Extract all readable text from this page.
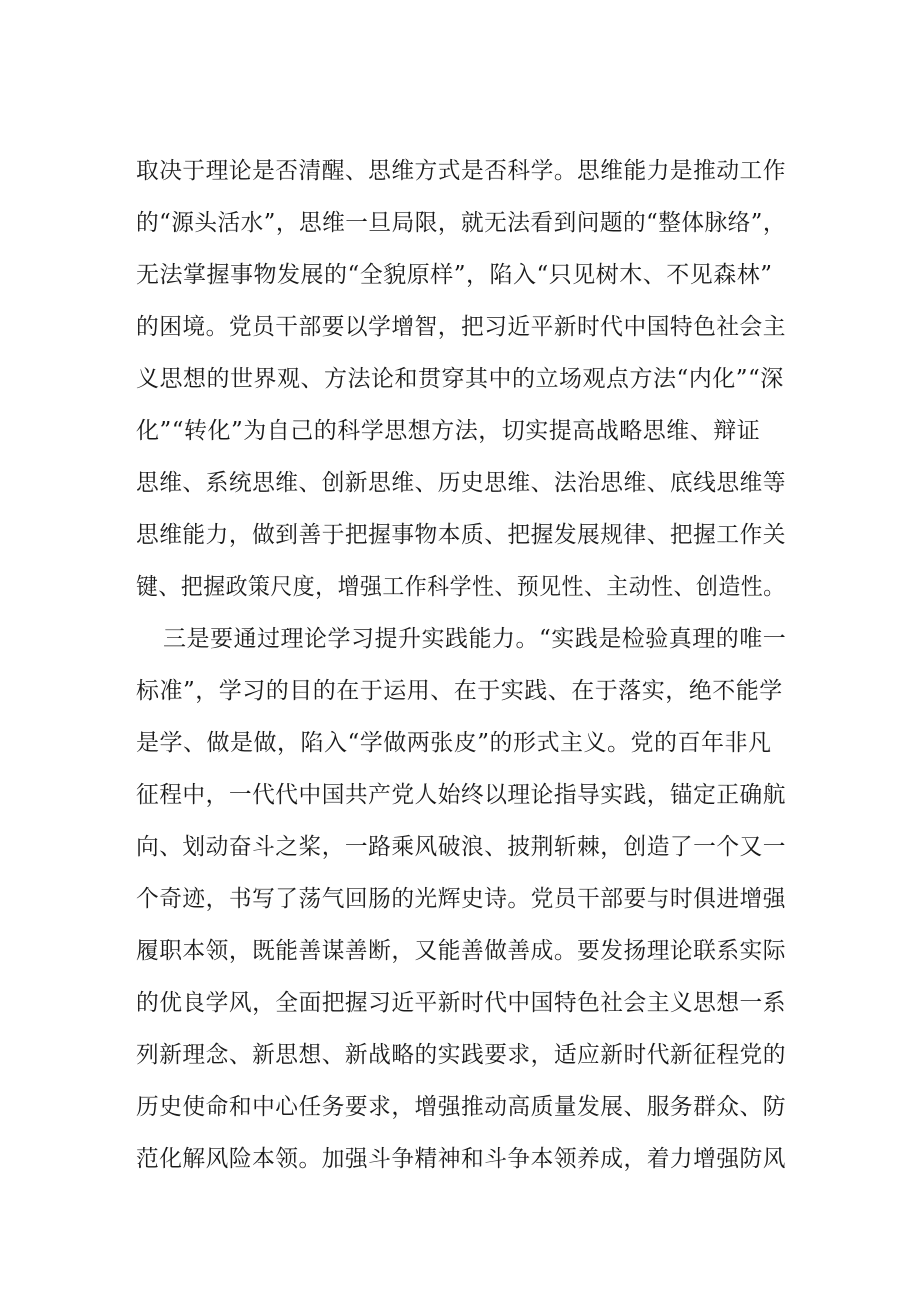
取决于理论是否清醒、思维方式是否科学。思维能力是推动工作
的“源头活水”，思维一旦局限，就无法看到问题的“整体脉络”，
无法掌握事物发展的“全貌原样”，陷入“只见树木、不见森林”
的困境。党员干部要以学增智，把习近平新时代中国特色社会主
义思想的世界观、方法论和贯穿其中的立场观点方法“内化”“深
化”“转化”为自己的科学思想方法，切实提高战略思维、辩证
思维、系统思维、创新思维、历史思维、法治思维、底线思维等
思维能力，做到善于把握事物本质、把握发展规律、把握工作关
键、把握政策尺度，增强工作科学性、预见性、主动性、创造性。
三是要通过理论学习提升实践能力。“实践是检验真理的唯一
标准”，学习的目的在于运用、在于实践、在于落实，绝不能学
是学、做是做，陷入“学做两张皮”的形式主义。党的百年非凡
征程中，一代代中国共产党人始终以理论指导实践，锚定正确航
向、划动奋斗之桨，一路乘风破浪、披荆斩棘，创造了一个又一
个奇迹，书写了荡气回肠的光辉史诗。党员干部要与时俱进增强
履职本领，既能善谋善断，又能善做善成。要发扬理论联系实际
的优良学风，全面把握习近平新时代中国特色社会主义思想一系
列新理念、新思想、新战略的实践要求，适应新时代新征程党的
历史使命和中心任务要求，增强推动高质量发展、服务群众、防
范化解风险本领。加强斗争精神和斗争本领养成，着力增强防风
